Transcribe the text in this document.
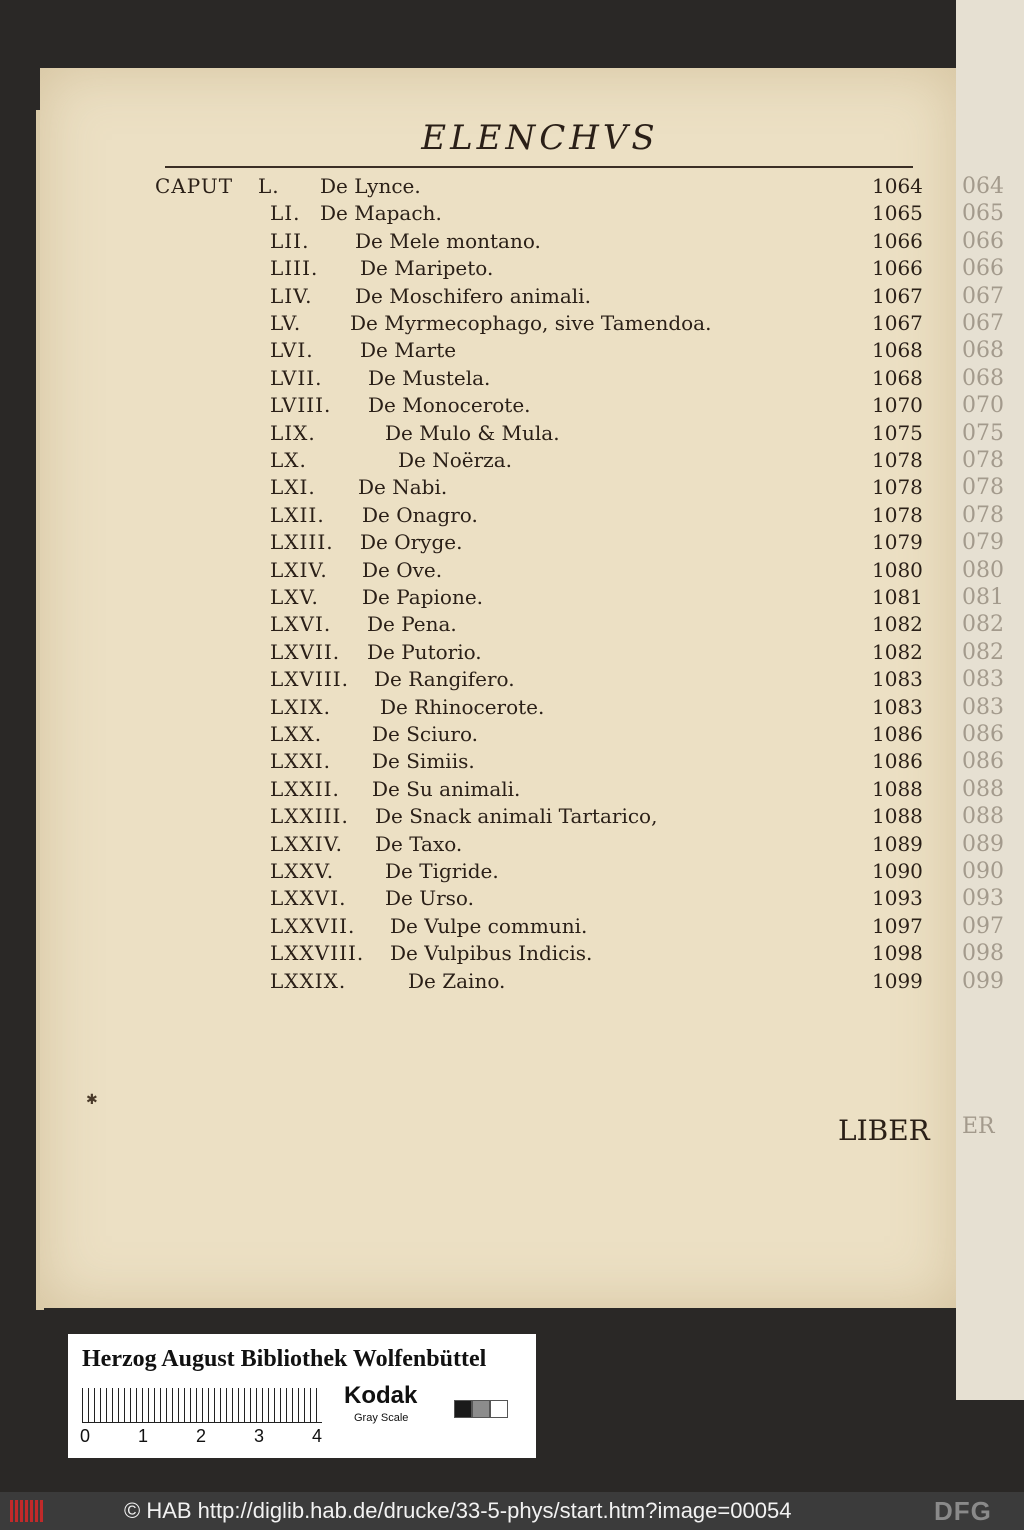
064
065
066
066
067
067
068
068
070
075
078
078
078
079
080
081
082
082
083
083
086
086
088
088
089
090
093
097
098
099
ER
ELENCHVS
CAPUT L. De Lynce.	1064
LI. De Mapach.	1065
LII. De Mele montano.	1066
LIII. De Maripeto.	1066
LIV. De Moschifero animali.	1067
LV. De Myrmecophago, sive Tamendoa.	1067
LVI. De Marte	1068
LVII. De Mustela.	1068
LVIII. De Monocerote.	1070
LIX.	De Mulo & Mula.	1075
LX.	De Noërza.	1078
LXI. De Nabi.	1078
LXII. De Onagro.	1078
LXIII. De Oryge.	1079
LXIV. De Ove.	1080
LXV. De Papione.	1081
LXVI. De Pena.	1082
LXVII. De Putorio.	1082
LXVIII. De Rangifero.	1083
LXIX. De Rhinocerote.	1083
LXX. De Sciuro.	1086
LXXI. De Simiis.	1086
LXXII. De Su animali.	1088
LXXIII. De Snack animali Tartarico,	1088
LXXIV. De Taxo.	1089
LXXV.	De Tigride.	1090
LXXVI. De Urso.	1093
LXXVII. De Vulpe communi.	1097
LXXVIII. De Vulpibus Indicis.	1098
LXXIX.	De Zaino.	1099
✱
LIBER
Herzog August Bibliothek Wolfenbüttel
0	1	2	3	4
Kodak
Gray Scale
© HAB http://diglib.hab.de/drucke/33-5-phys/start.htm?image=00054	DFG
